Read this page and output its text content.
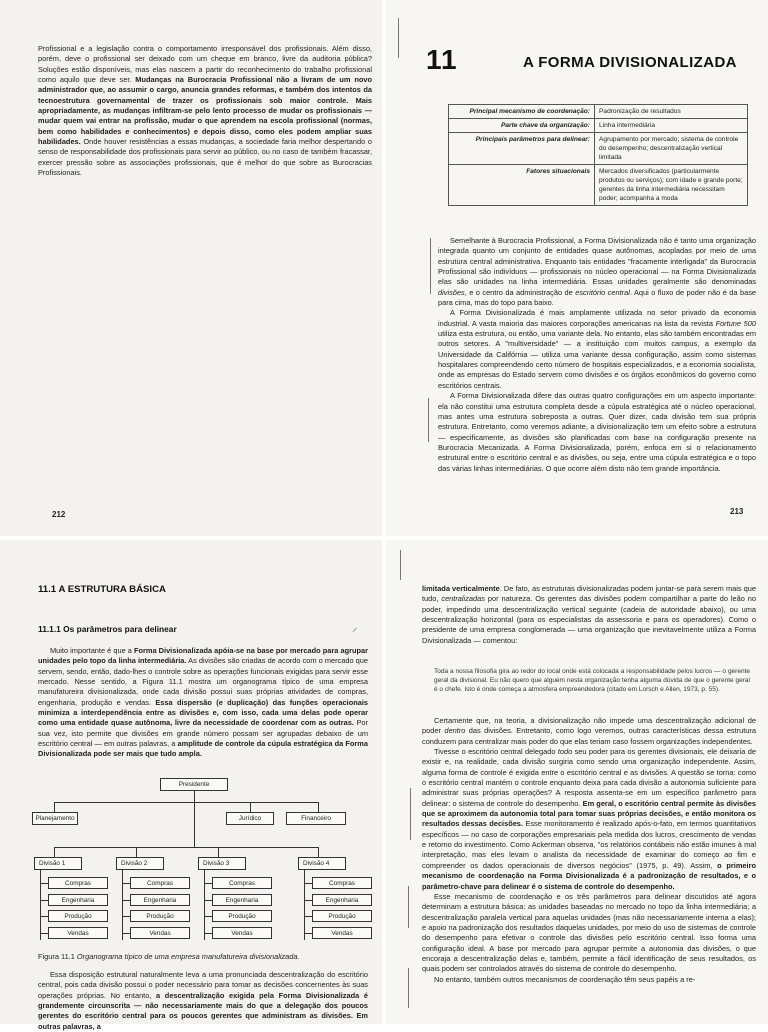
Profissional e a legislação contra o comportamento irresponsável dos profissionais. Além disso, porém, deve o profissional ser deixado com um cheque em branco, livre da auditoria pública? Soluções estão disponíveis, mas elas nascem a partir do reconhecimento do trabalho profissional como aquilo que deve ser. Mudanças na Burocracia Profissional não a livram de um novo administrador que, ao assumir o cargo, anuncia grandes reformas, e também dos intentos da tecnoestrutura governamental de trazer os profissionais sob maior controle. Mais apropriadamente, as mudanças infiltram-se pelo lento processo de mudar os profissionais — mudar quem vai entrar na profissão, mudar o que aprendem na escola profissional (normas, bem como habilidades e conhecimentos) e depois disso, como eles podem ampliar suas habilidades. Onde houver resistências a essas mudanças, a sociedade faria melhor despertando o senso de responsabilidade dos profissionais para servir ao público, ou no caso de também fracassar, exercer pressão sobre as associações profissionais, que é melhor do que sobre as Burocracias Profissionais.

212
11	A FORMA DIVISIONALIZADA
Principal mecanismo de coordenação:	Padronização de resultados
Parte chave da organização:	Linha intermediária
Principais parâmetros para delinear:	Agrupamento por mercado; sistema de controle do desempenho; descentralização vertical limitada
Fatores situacionais	Mercados diversificados (particularmente produtos ou serviços); com idade e grande porte; gerentes da linha intermediária necessitam poder; acompanha a moda

Semelhante à Burocracia Profissional, a Forma Divisionalizada não é tanto uma organização integrada quanto um conjunto de entidades quase autônomas, acopladas por meio de uma estrutura central administrativa. Enquanto tais entidades "fracamente interligada" da Burocracia Profissional são indivíduos — profissionais no núcleo operacional — na Forma Divisionalizada elas são unidades na linha intermediária. Essas unidades geralmente são denominadas divisões, e o centro da administração de escritório central. Aqui o fluxo de poder não é da base para cima, mas do topo para baixo.

A Forma Divisionalizada é mais amplamente utilizada no setor privado da economia industrial. A vasta maioria das maiores corporações americanas na lista da revista Fortune 500 utiliza esta estrutura, ou então, uma variante dela. No entanto, elas são também encontradas em outros setores. A "multiversidade" — a instituição com muitos campus, a exemplo da Universidade da Califórnia — utiliza uma variante dessa configuração, assim como sistemas hospitalares compreendendo certo número de hospitais especializados, e a economia socialista, onde as empresas do Estado servem como divisões e os órgãos econômicos do governo como escritórios centrais.

A Forma Divisionalizada difere das outras quatro configurações em um aspecto importante: ela não constitui uma estrutura completa desde a cúpula estratégica até o núcleo operacional, mas antes uma estrutura sobreposta a outras. Quer dizer, cada divisão tem sua própria estrutura. Entretanto, como veremos adiante, a divisionalização tem um efeito sobre a estrutura — especificamente, as divisões são planificadas com base na configuração presente na Burocracia Mecanizada. A Forma Divisionalizada, porém, enfoca em si o relacionamento estrutural entre o escritório central e as divisões, ou seja, entre uma cúpula estratégica e o topo das várias linhas intermediárias. O que ocorre além disto não tem grande importância.

213
11.1 A ESTRUTURA BÁSICA
11.1.1 Os parâmetros para delinear	⸝

Muito importante é que a Forma Divisionalizada apóia-se na base por mercado para agrupar unidades pelo topo da linha intermediária. As divisões são criadas de acordo com o mercado que servem, sendo, então, dado-lhes o controle sobre as operações funcionais exigidas para servir esse mercado. Nesse sentido, a Figura 11.1 mostra um organograma típico de uma empresa manufatureira divisionalizada, onde cada divisão possui suas próprias atividades de compras, engenharia, produção e vendas. Essa dispersão (e duplicação) das funções operacionais minimiza a interdependência entre as divisões e, com isso, cada uma delas pode operar como uma entidade quase autônoma, livre da necessidade de coordenar com as outras. Por sua vez, isto permite que divisões em grande número possam ser agrupadas debaixo de um escritório central — em outras palavras, a amplitude de controle da cúpula estratégica da Forma Divisionalizada pode ser mais que tudo ampla.

Presidente
Planejamento	Jurídico	Financeiro
Divisão 1
Compras
Engenharia
Produção
Vendas
Divisão 2
Compras
Engenharia
Produção
Vendas
Divisão 3
Compras
Engenharia
Produção
Vendas
Divisão 4
Compras
Engenharia
Produção
Vendas
Figura 11.1 Organograma típico de uma empresa manufatureira divisionalizada.

Essa disposição estrutural naturalmente leva a uma pronunciada descentralização do escritório central, pois cada divisão possui o poder necessário para tomar as decisões concernentes às suas operações próprias. No entanto, a descentralização exigida pela Forma Divisionalizada é grandemente circunscrita — não necessariamente mais do que a delegação dos poucos gerentes do escritório central para os poucos gerentes que administram as divisões. Em outras palavras, a

limitada verticalmente. De fato, as estruturas divisionalizadas podem juntar-se para serem mais que tudo, centralizadas por natureza. Os gerentes das divisões podem compartilhar a parte do leão no poder, impedindo uma descentralização vertical seguinte (cadeia de autoridade abaixo), ou uma descentralização horizontal (para os especialistas da assessoria e para os operadores). Como o presidente de uma empresa conglomerada — uma organização que inevitavelmente utiliza a Forma Divisionalizada — comentou:

Toda a nossa filosofia gira ao redor do local onde está colocada a responsabilidade pelos lucros — o gerente geral da divisional. Eu não quero que alguém nesta organização tenha alguma dúvida de que o gerente geral é o chefe. Isto é onde começa a atmosfera empreendedora (citado em Lorsch e Allen, 1973, p. 55).

Certamente que, na teoria, a divisionalização não impede uma descentralização adicional de poder dentro das divisões. Entretanto, como logo veremos, outras características dessa estrutura conduzem para centralizar mais poder do que elas teriam caso fossem organizações independentes.

Tivesse o escritório central delegado todo seu poder para os gerentes divisionais, ele deixaria de existir e, na realidade, cada divisão surgiria como sendo uma organização independente. Assim, alguma forma de controle é exigida entre o escritório central e as divisões. A questão se torna: como o escritório central mantém o controle enquanto deixa para cada divisão a autonomia suficiente para administrar suas próprias operações? A resposta assenta-se em um específico parâmetro para delinear: o sistema de controle do desempenho. Em geral, o escritório central permite às divisões que se aproximem da autonomia total para tomar suas próprias decisões, e então monitora os resultados dessas decisões. Esse monitoramento é realizado após-o-fato, em termos quantitativos específicos — no caso de corporações empresariais pela medida dos lucros, crescimento de vendas e retorno do investimento. Como Ackerman observa, "os relatórios contábeis não estão imunes à mal interpretação, mas eles levam o analista da necessidade de examinar do começo ao fim e compreender os dados operacionais de diversos negócios" (1975, p. 49). Assim, o primeiro mecanismo de coordenação na Forma Divisionalizada é a padronização de resultados, e o parâmetro-chave para delinear é o sistema de controle do desempenho.

Esse mecanismo de coordenação e os três parâmetros para delinear discutidos até agora determinam a estrutura básica: as unidades baseadas no mercado no topo da linha intermediária; a descentralização paralela vertical para aquelas unidades (mas não necessariamente interna a elas); e apoio na padronização dos resultados daquelas unidades, por meio do uso de sistemas de controle do desempenho para efetivar o controle das divisões pelo escritório central. Isso forma uma configuração ideal. A base por mercado para agrupar permite a autonomia das divisões, o que encoraja a descentralização delas e, também, permite a fácil identificação de seus resultados, os quais podem ser controlados através do sistema de controle do desempenho.

No entanto, também outros mecanismos de coordenação têm seus papéis a re-
